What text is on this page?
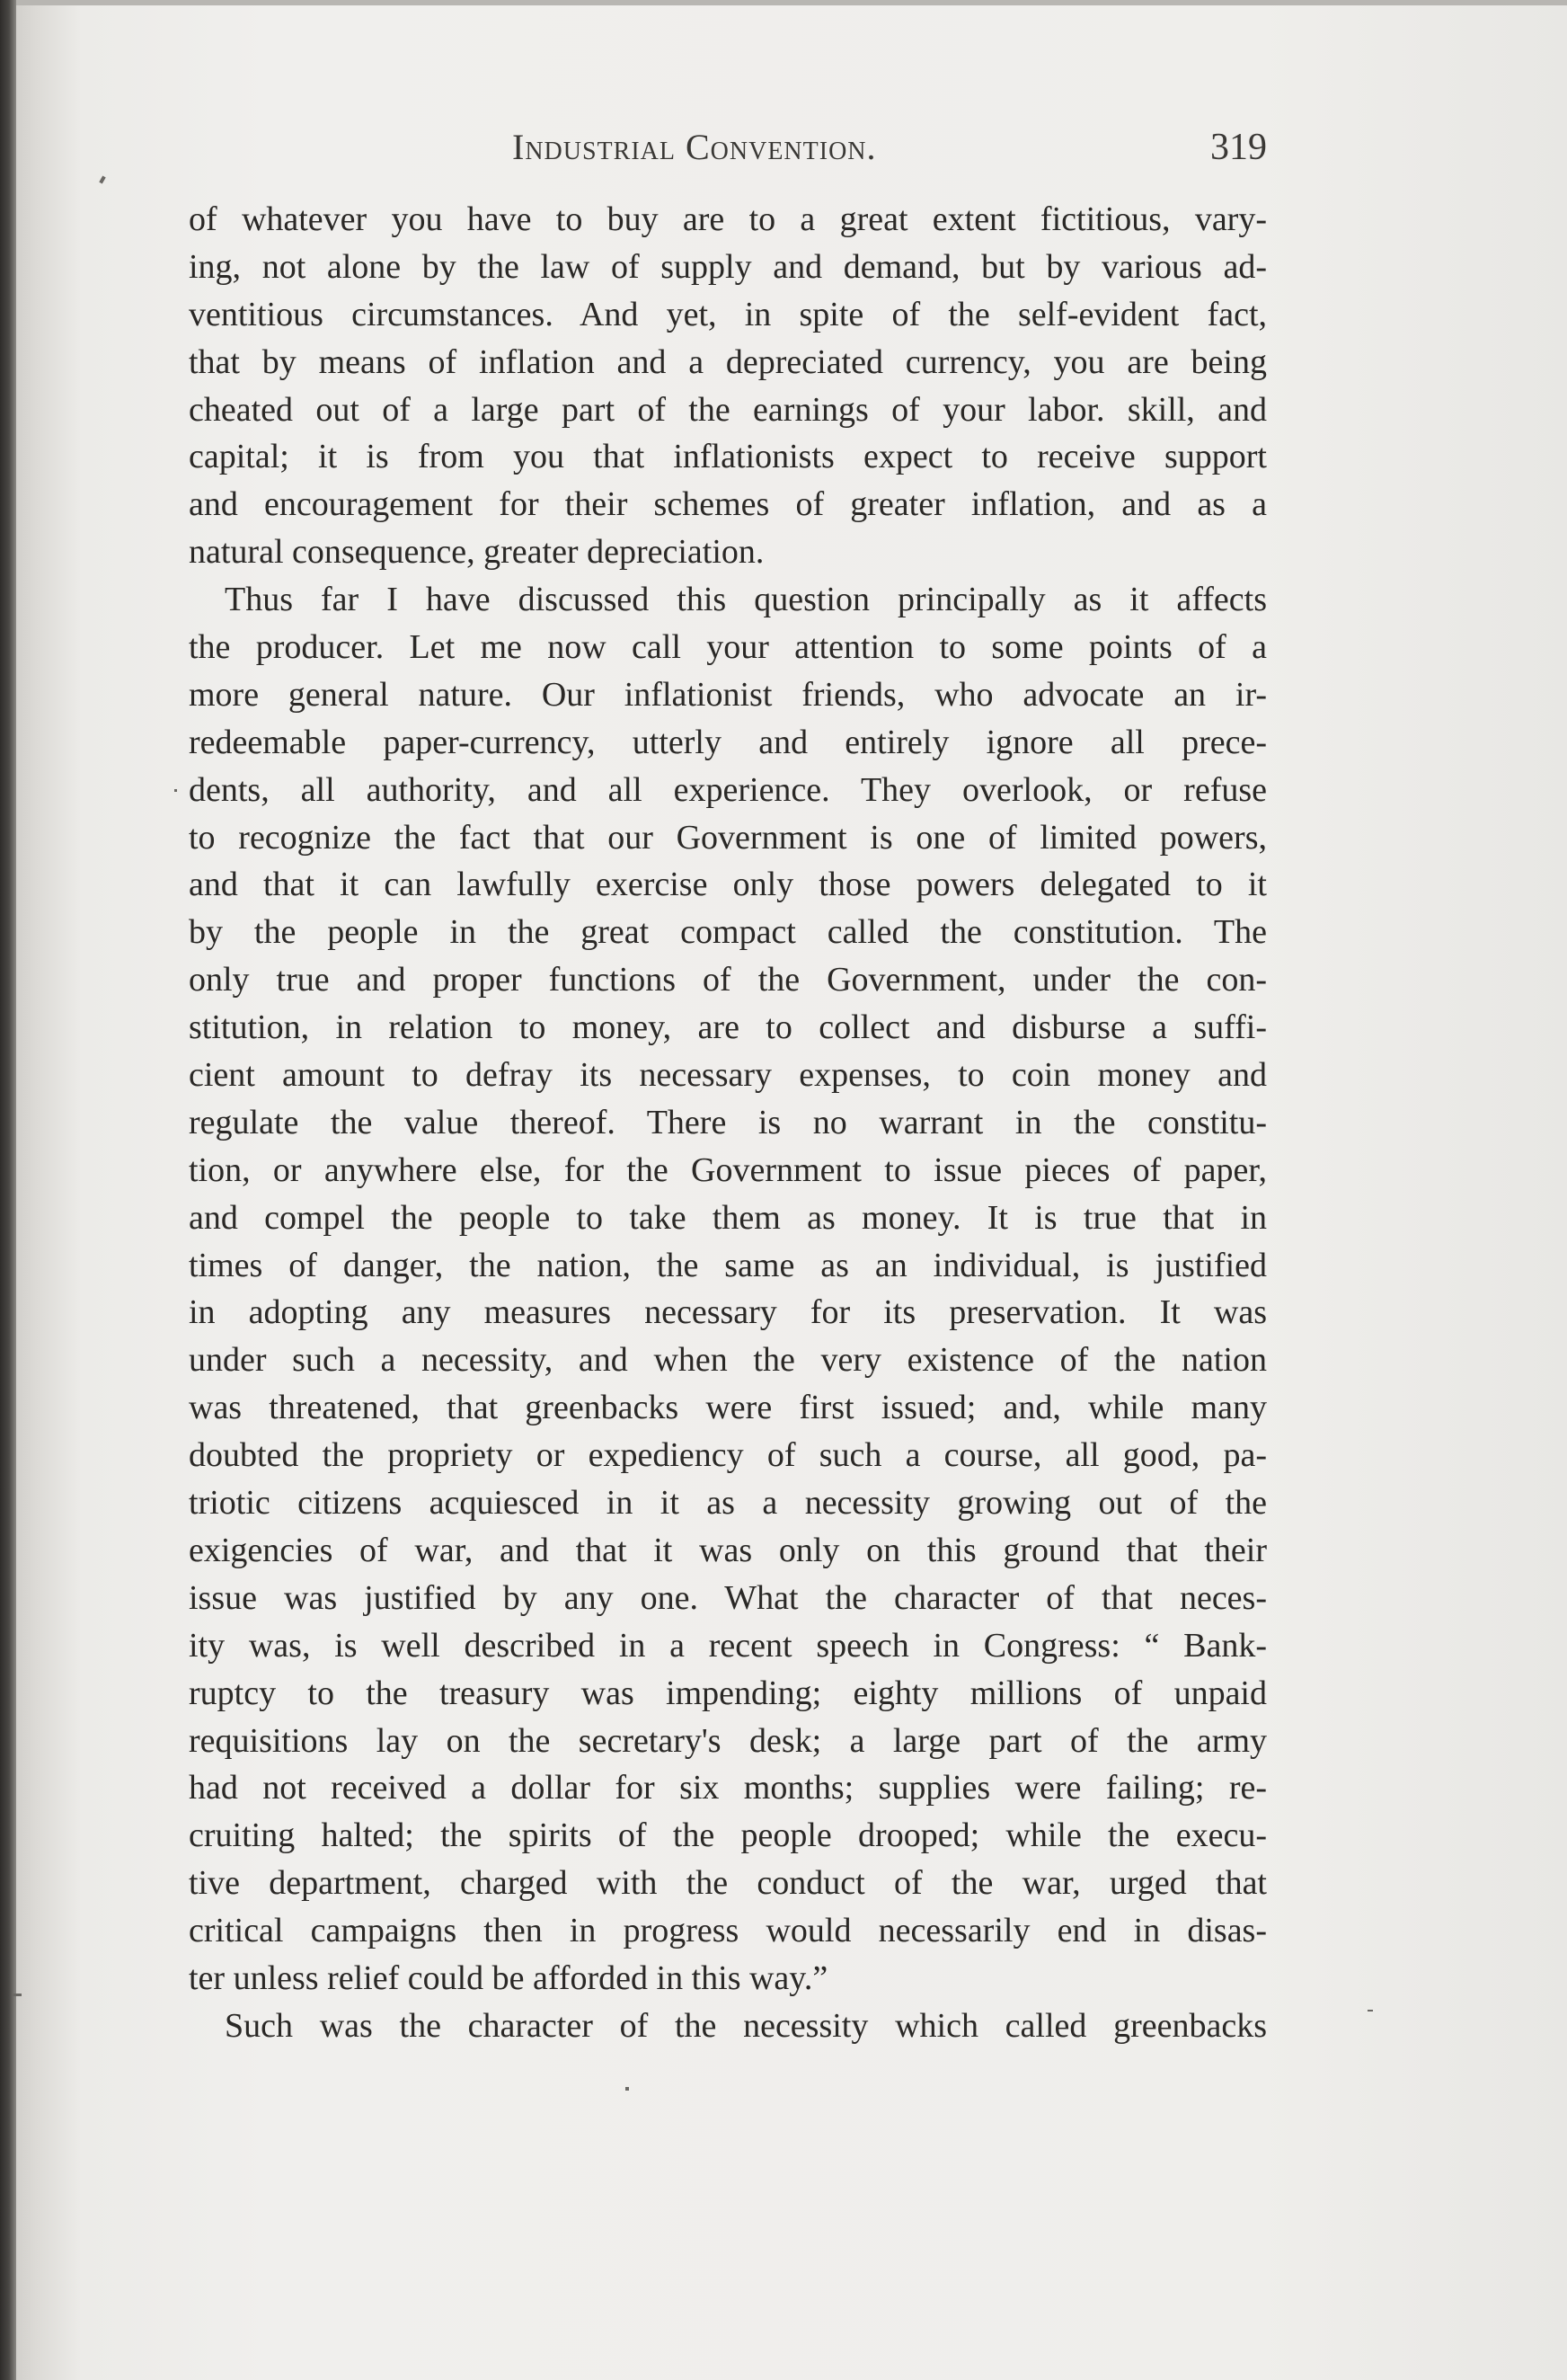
Industrial Convention.	319
of whatever you have to buy are to a great extent fictitious, vary-
ing, not alone by the law of supply and demand, but by various ad-
ventitious circumstances. And yet, in spite of the self-evident fact,
that by means of inflation and a depreciated currency, you are being
cheated out of a large part of the earnings of your labor. skill, and
capital; it is from you that inflationists expect to receive support
and encouragement for their schemes of greater inflation, and as a
natural consequence, greater depreciation.
Thus far I have discussed this question principally as it affects
the producer. Let me now call your attention to some points of a
more general nature. Our inflationist friends, who advocate an ir-
redeemable paper-currency, utterly and entirely ignore all prece-
dents, all authority, and all experience. They overlook, or refuse
to recognize the fact that our Government is one of limited powers,
and that it can lawfully exercise only those powers delegated to it
by the people in the great compact called the constitution. The
only true and proper functions of the Government, under the con-
stitution, in relation to money, are to collect and disburse a suffi-
cient amount to defray its necessary expenses, to coin money and
regulate the value thereof. There is no warrant in the constitu-
tion, or anywhere else, for the Government to issue pieces of paper,
and compel the people to take them as money. It is true that in
times of danger, the nation, the same as an individual, is justified
in adopting any measures necessary for its preservation. It was
under such a necessity, and when the very existence of the nation
was threatened, that greenbacks were first issued; and, while many
doubted the propriety or expediency of such a course, all good, pa-
triotic citizens acquiesced in it as a necessity growing out of the
exigencies of war, and that it was only on this ground that their
issue was justified by any one. What the character of that neces-
ity was, is well described in a recent speech in Congress: “ Bank-
ruptcy to the treasury was impending; eighty millions of unpaid
requisitions lay on the secretary's desk; a large part of the army
had not received a dollar for six months; supplies were failing; re-
cruiting halted; the spirits of the people drooped; while the execu-
tive department, charged with the conduct of the war, urged that
critical campaigns then in progress would necessarily end in disas-
ter unless relief could be afforded in this way.”
Such was the character of the necessity which called greenbacks
